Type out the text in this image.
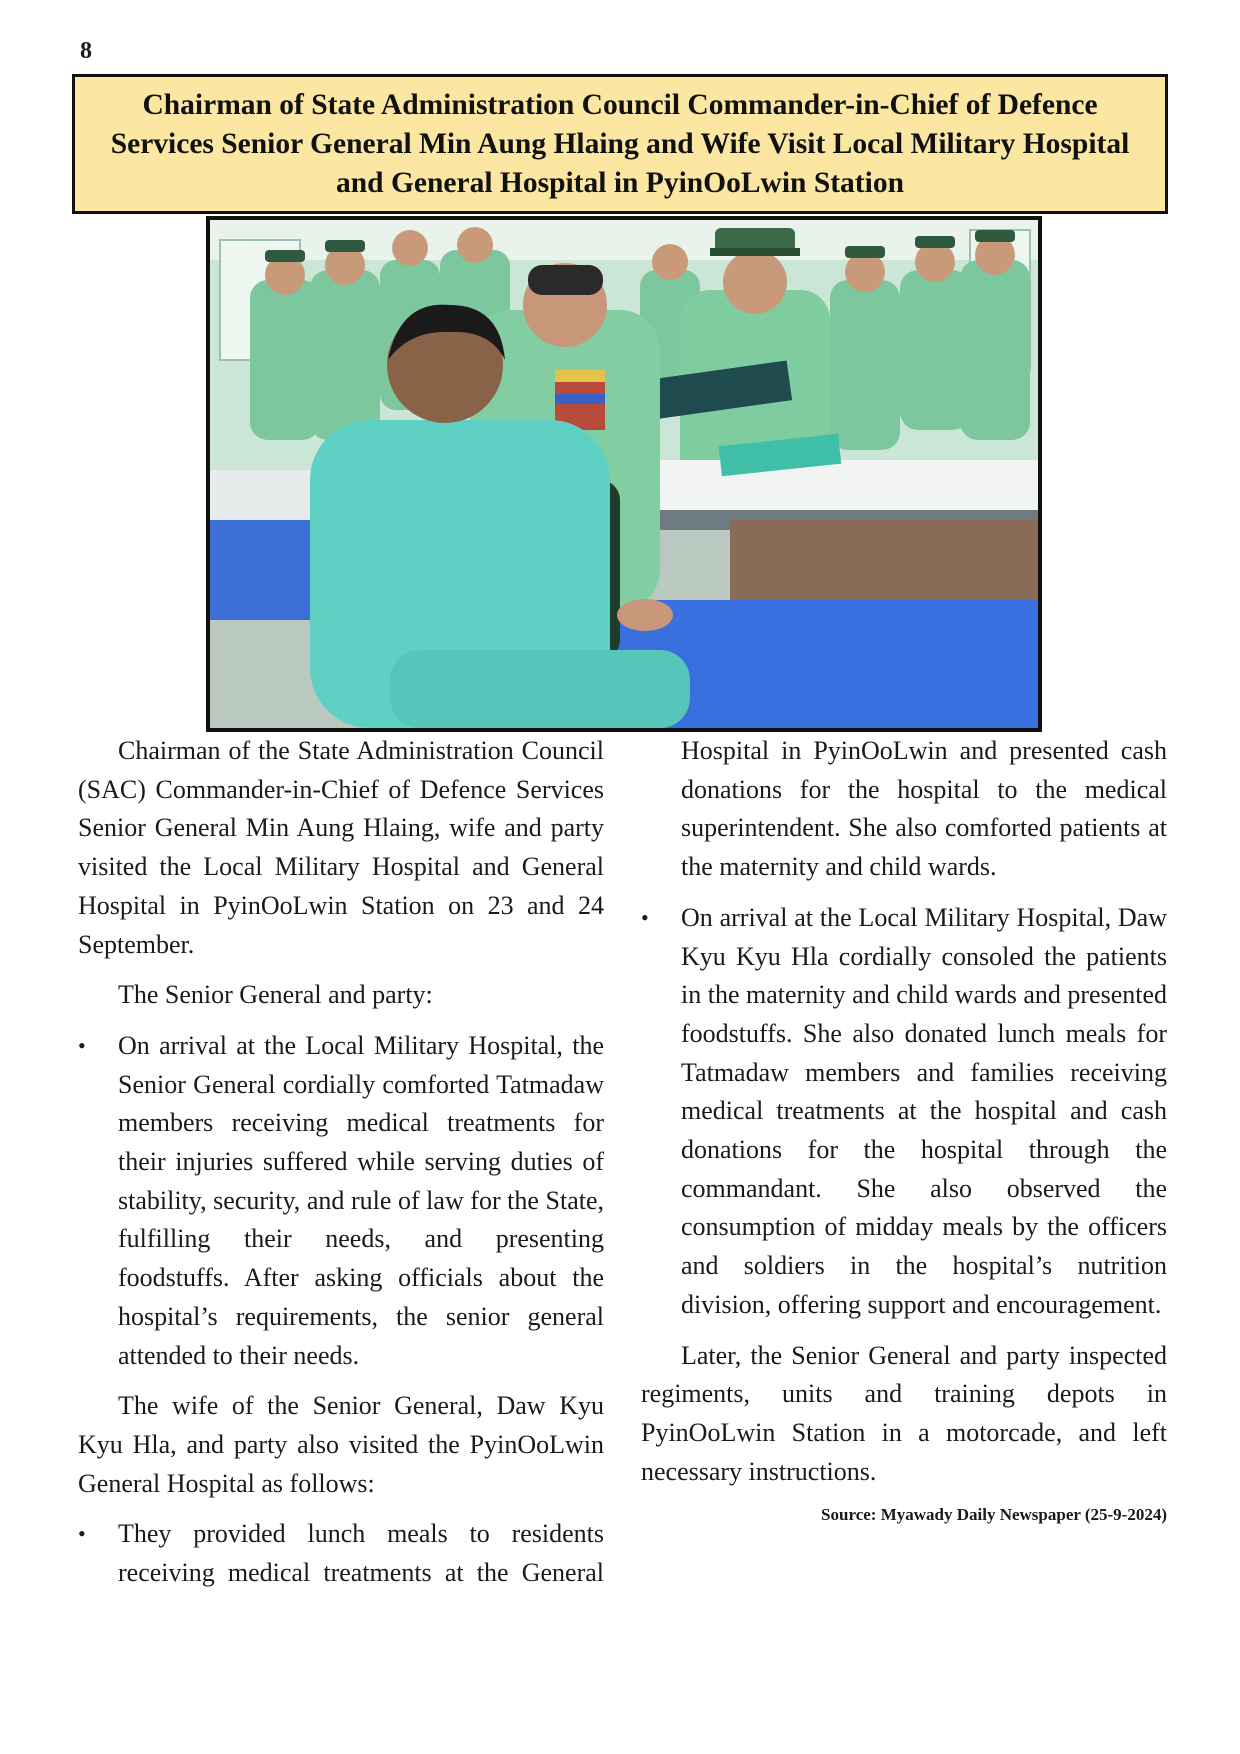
8
Chairman of State Administration Council Commander-in-Chief of Defence Services Senior General Min Aung Hlaing and Wife Visit Local Military Hospital and General Hospital in PyinOoLwin Station

Chairman of the State Administration Council (SAC) Commander-in-Chief of Defence Services Senior General Min Aung Hlaing, wife and party visited the Local Military Hospital and General Hospital in PyinOoLwin Station on 23 and 24 September.

The Senior General and party:

• On arrival at the Local Military Hospital, the Senior General cordially comforted Tatmadaw members receiving medical treatments for their injuries suffered while serving duties of stability, security, and rule of law for the State, fulfilling their needs, and presenting foodstuffs. After asking officials about the hospital’s requirements, the senior general attended to their needs.

The wife of the Senior General, Daw Kyu Kyu Hla, and party also visited the PyinOoLwin General Hospital as follows:

• They provided lunch meals to residents receiving medical treatments at the General
Hospital in PyinOoLwin and presented cash donations for the hospital to the medical superintendent. She also comforted patients at the maternity and child wards.
• On arrival at the Local Military Hospital, Daw Kyu Kyu Hla cordially consoled the patients in the maternity and child wards and presented foodstuffs. She also donated lunch meals for Tatmadaw members and families receiving medical treatments at the hospital and cash donations for the hospital through the commandant. She also observed the consumption of midday meals by the officers and soldiers in the hospital’s nutrition division, offering support and encouragement.

Later, the Senior General and party inspected regiments, units and training depots in PyinOoLwin Station in a motorcade, and left necessary instructions.

Source: Myawady Daily Newspaper (25-9-2024)
